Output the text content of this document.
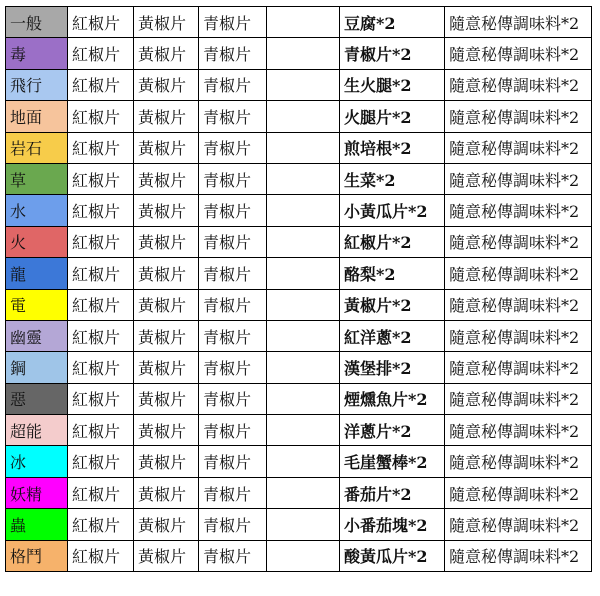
一般	紅椒片	黃椒片	青椒片		豆腐*2	隨意秘傳調味料*2
毒	紅椒片	黃椒片	青椒片		青椒片*2	隨意秘傳調味料*2
飛行	紅椒片	黃椒片	青椒片		生火腿*2	隨意秘傳調味料*2
地面	紅椒片	黃椒片	青椒片		火腿片*2	隨意秘傳調味料*2
岩石	紅椒片	黃椒片	青椒片		煎培根*2	隨意秘傳調味料*2
草	紅椒片	黃椒片	青椒片		生菜*2	隨意秘傳調味料*2
水	紅椒片	黃椒片	青椒片		小黃瓜片*2	隨意秘傳調味料*2
火	紅椒片	黃椒片	青椒片		紅椒片*2	隨意秘傳調味料*2
龍	紅椒片	黃椒片	青椒片		酪梨*2	隨意秘傳調味料*2
電	紅椒片	黃椒片	青椒片		黃椒片*2	隨意秘傳調味料*2
幽靈	紅椒片	黃椒片	青椒片		紅洋蔥*2	隨意秘傳調味料*2
鋼	紅椒片	黃椒片	青椒片		漢堡排*2	隨意秘傳調味料*2
惡	紅椒片	黃椒片	青椒片		煙燻魚片*2	隨意秘傳調味料*2
超能	紅椒片	黃椒片	青椒片		洋蔥片*2	隨意秘傳調味料*2
冰	紅椒片	黃椒片	青椒片		毛崖蟹棒*2	隨意秘傳調味料*2
妖精	紅椒片	黃椒片	青椒片		番茄片*2	隨意秘傳調味料*2
蟲	紅椒片	黃椒片	青椒片		小番茄塊*2	隨意秘傳調味料*2
格鬥	紅椒片	黃椒片	青椒片		酸黃瓜片*2	隨意秘傳調味料*2
